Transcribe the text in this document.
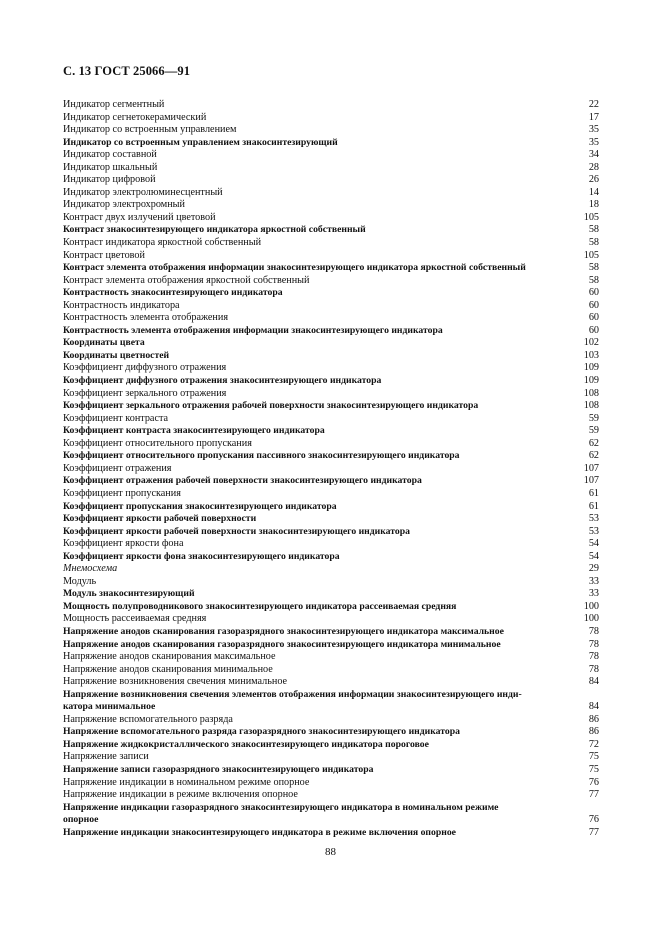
С. 13 ГОСТ 25066—91
Индикатор сегментный	22
Индикатор сегнетокерамический	17
Индикатор со встроенным управлением	35
Индикатор со встроенным управлением знакосинтезирующий	35
Индикатор составной	34
Индикатор шкальный	28
Индикатор цифровой	26
Индикатор электролюминесцентный	14
Индикатор электрохромный	18
Контраст двух излучений цветовой	105
Контраст знакосинтезирующего индикатора яркостной собственный	58
Контраст индикатора яркостной собственный	58
Контраст цветовой	105
Контраст элемента отображения информации знакосинтезирующего индикатора яркостной собственный	58
Контраст элемента отображения яркостной собственный	58
Контрастность знакосинтезирующего индикатора	60
Контрастность индикатора	60
Контрастность элемента отображения	60
Контрастность элемента отображения информации знакосинтезирующего индикатора	60
Координаты цвета	102
Координаты цветностей	103
Коэффициент диффузного отражения	109
Коэффициент диффузного отражения знакосинтезирующего индикатора	109
Коэффициент зеркального отражения	108
Коэффициент зеркального отражения рабочей поверхности знакосинтезирующего индикатора	108
Коэффициент контраста	59
Коэффициент контраста знакосинтезирующего индикатора	59
Коэффициент относительного пропускания	62
Коэффициент относительного пропускания пассивного знакосинтезирующего индикатора	62
Коэффициент отражения	107
Коэффициент отражения рабочей поверхности знакосинтезирующего индикатора	107
Коэффициент пропускания	61
Коэффициент пропускания знакосинтезирующего индикатора	61
Коэффициент яркости рабочей поверхности	53
Коэффициент яркости рабочей поверхности знакосинтезирующего индикатора	53
Коэффициент яркости фона	54
Коэффициент яркости фона знакосинтезирующего индикатора	54
Мнемосхема	29
Модуль	33
Модуль знакосинтезирующий	33
Мощность полупроводникового знакосинтезирующего индикатора рассеиваемая средняя	100
Мощность рассеиваемая средняя	100
Напряжение анодов сканирования газоразрядного знакосинтезирующего индикатора максимальное	78
Напряжение анодов сканирования газоразрядного знакосинтезирующего индикатора минимальное	78
Напряжение анодов сканирования максимальное	78
Напряжение анодов сканирования минимальное	78
Напряжение возникновения свечения минимальное	84
Напряжение возникновения свечения элементов отображения информации знакосинтезирующего инди-
катора минимальное	84
Напряжение вспомогательного разряда	86
Напряжение вспомогательного разряда газоразрядного знакосинтезирующего индикатора	86
Напряжение жидкокристаллического знакосинтезирующего индикатора пороговое	72
Напряжение записи	75
Напряжение записи газоразрядного знакосинтезирующего индикатора	75
Напряжение индикации в номинальном режиме опорное	76
Напряжение индикации в режиме включения опорное	77
Напряжение индикации газоразрядного знакосинтезирующего индикатора в номинальном режиме
опорное	76
Напряжение индикации знакосинтезирующего индикатора в режиме включения опорное	77
88
